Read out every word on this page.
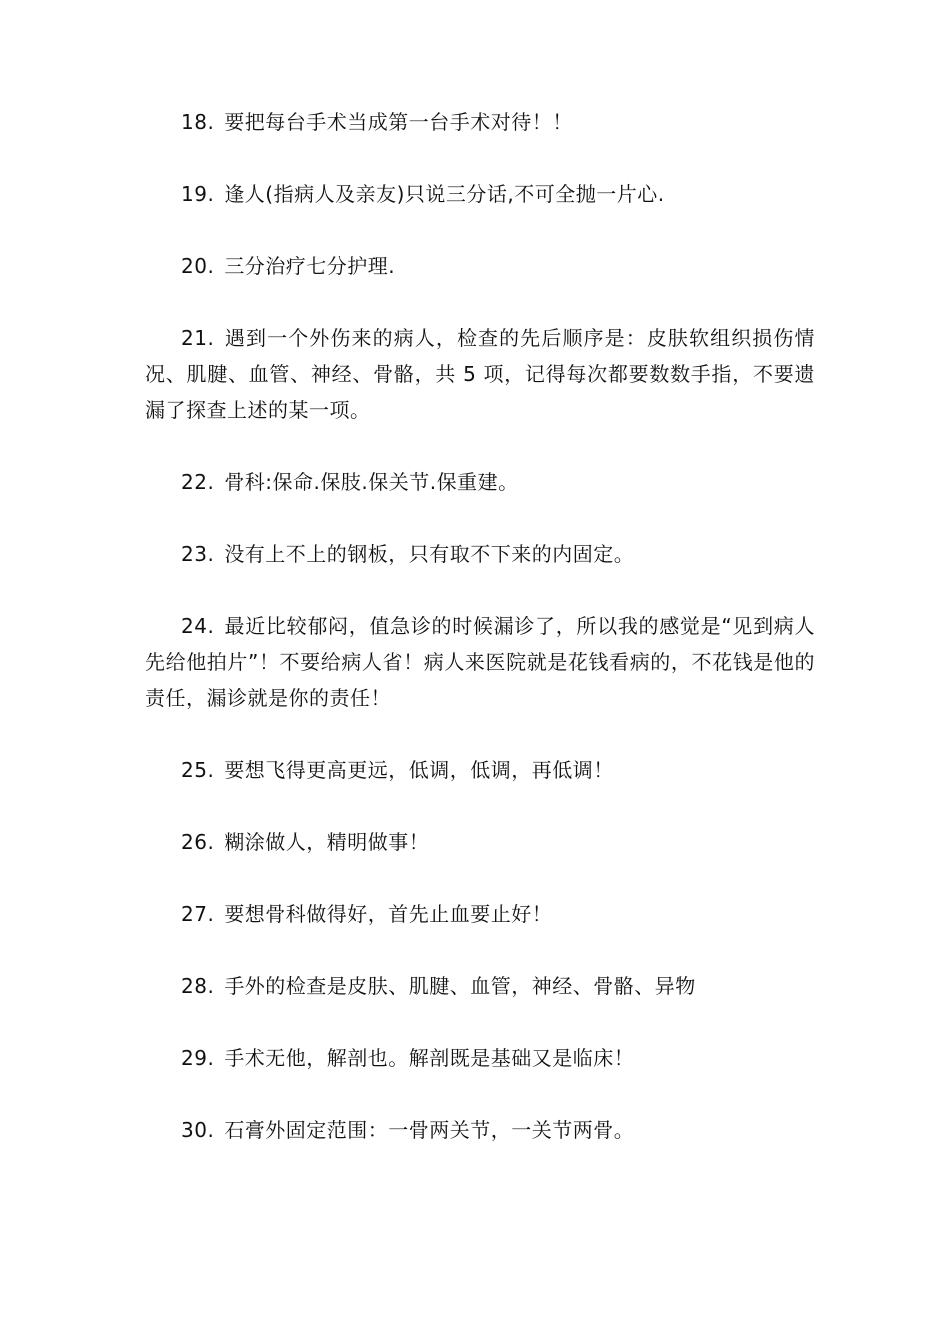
18. 要把每台手术当成第一台手术对待！！

19. 逢人(指病人及亲友)只说三分话,不可全抛一片心.

20. 三分治疗七分护理.

21. 遇到一个外伤来的病人，检查的先后顺序是：皮肤软组织损伤情况、肌腱、血管、神经、骨骼，共 5 项，记得每次都要数数手指，不要遗漏了探查上述的某一项。

22. 骨科:保命.保肢.保关节.保重建。

23. 没有上不上的钢板，只有取不下来的内固定。

24. 最近比较郁闷，值急诊的时候漏诊了，所以我的感觉是“见到病人先给他拍片”！不要给病人省！病人来医院就是花钱看病的，不花钱是他的责任，漏诊就是你的责任！

25. 要想飞得更高更远，低调，低调，再低调！

26. 糊涂做人，精明做事！

27. 要想骨科做得好，首先止血要止好！

28. 手外的检查是皮肤、肌腱、血管，神经、骨骼、异物

29. 手术无他，解剖也。解剖既是基础又是临床！

30. 石膏外固定范围：一骨两关节，一关节两骨。
